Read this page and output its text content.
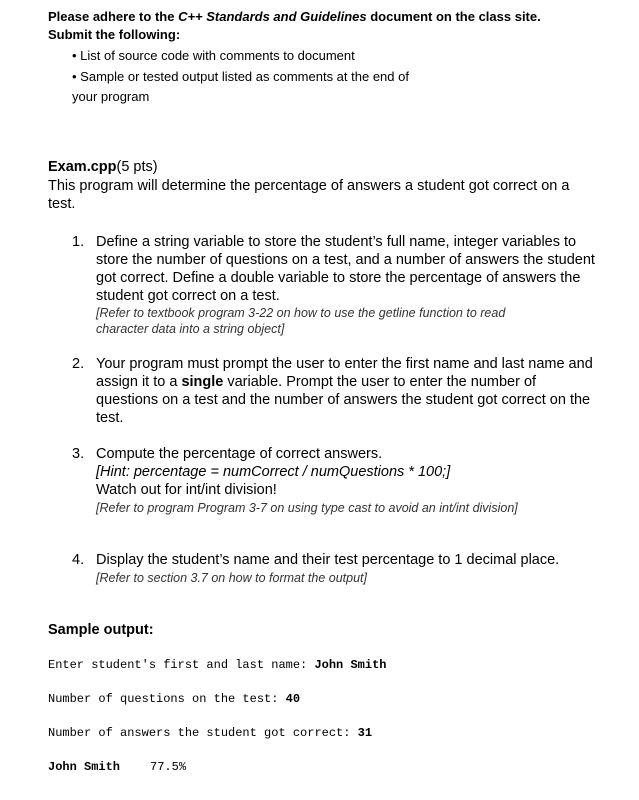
Please adhere to the C++ Standards and Guidelines document on the class site.
Submit the following:
• List of source code with comments to document
• Sample or tested output listed as comments at the end of
your program
Exam.cpp(5 pts)
This program will determine the percentage of answers a student got correct on a test.
1. Define a string variable to store the student’s full name, integer variables to store the number of questions on a test, and a number of answers the student got correct. Define a double variable to store the percentage of answers the student got correct on a test.
[Refer to textbook program 3-22 on how to use the getline function to read character data into a string object]
2. Your program must prompt the user to enter the first name and last name and assign it to a single variable. Prompt the user to enter the number of questions on a test and the number of answers the student got correct on the test.
3. Compute the percentage of correct answers.
[Hint: percentage = numCorrect / numQuestions * 100;]
Watch out for int/int division!
[Refer to program Program 3-7 on using type cast to avoid an int/int division]
4. Display the student’s name and their test percentage to 1 decimal place.
[Refer to section 3.7 on how to format the output]
Sample output:
Enter student's first and last name: John Smith
Number of questions on the test: 40
Number of answers the student got correct: 31
John Smith	77.5%
